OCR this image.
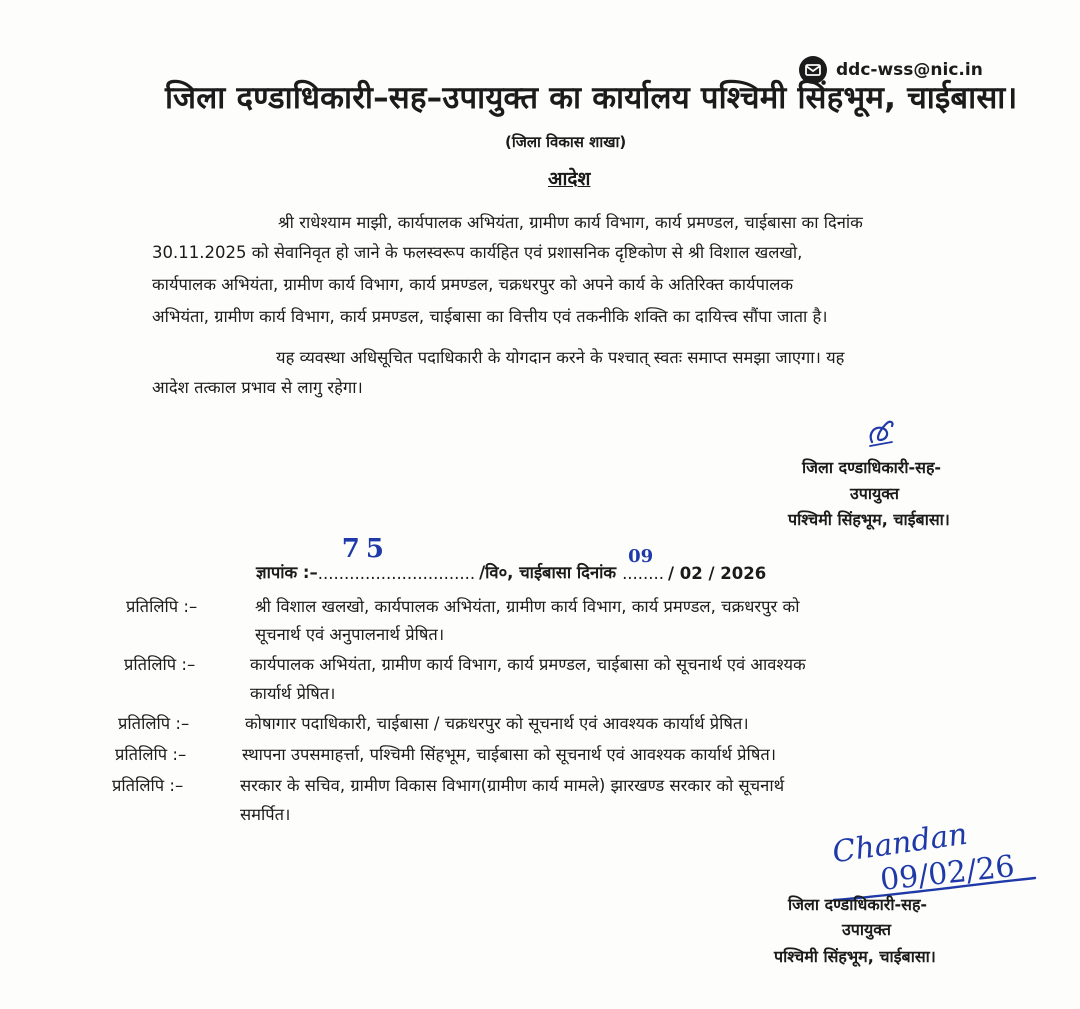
ddc-wss@nic.in
जिला दण्डाधिकारी–सह–उपायुक्त का कार्यालय पश्चिमी सिंहभूम, चाईबासा।
(जिला विकास शाखा)
आदेश
श्री राधेश्याम माझी, कार्यपालक अभियंता, ग्रामीण कार्य विभाग, कार्य प्रमण्डल, चाईबासा का दिनांक
30.11.2025 को सेवानिवृत हो जाने के फलस्वरूप कार्यहित एवं प्रशासनिक दृष्टिकोण से श्री विशाल खलखो,
कार्यपालक अभियंता, ग्रामीण कार्य विभाग, कार्य प्रमण्डल, चक्रधरपुर को अपने कार्य के अतिरिक्त कार्यपालक
अभियंता, ग्रामीण कार्य विभाग, कार्य प्रमण्डल, चाईबासा का वित्तीय एवं तकनीकि शक्ति का दायित्त्व सौंपा जाता है।
यह व्यवस्था अधिसूचित पदाधिकारी के योगदान करने के पश्चात् स्वतः समाप्त समझा जाएगा। यह
आदेश तत्काल प्रभाव से लागु रहेगा।
जिला दण्डाधिकारी-सह-
उपायुक्त
पश्चिमी सिंहभूम, चाईबासा।
ज्ञापांक :– ..............................
75
/वि०, चाईबासा दिनांक ........
09
/ 02 / 2026
प्रतिलिपि :–	श्री विशाल खलखो, कार्यपालक अभियंता, ग्रामीण कार्य विभाग, कार्य प्रमण्डल, चक्रधरपुर को
सूचनार्थ एवं अनुपालनार्थ प्रेषित।
प्रतिलिपि :–	कार्यपालक अभियंता, ग्रामीण कार्य विभाग, कार्य प्रमण्डल, चाईबासा को सूचनार्थ एवं आवश्यक
कार्यार्थ प्रेषित।
प्रतिलिपि :–	कोषागार पदाधिकारी, चाईबासा / चक्रधरपुर को सूचनार्थ एवं आवश्यक कार्यार्थ प्रेषित।
प्रतिलिपि :–	स्थापना उपसमाहर्त्ता, पश्चिमी सिंहभूम, चाईबासा को सूचनार्थ एवं आवश्यक कार्यार्थ प्रेषित।
प्रतिलिपि :–	सरकार के सचिव, ग्रामीण विकास विभाग(ग्रामीण कार्य मामले) झारखण्ड सरकार को सूचनार्थ
समर्पित।
Chandan
09/02/26
जिला दण्डाधिकारी-सह-
उपायुक्त
पश्चिमी सिंहभूम, चाईबासा।
